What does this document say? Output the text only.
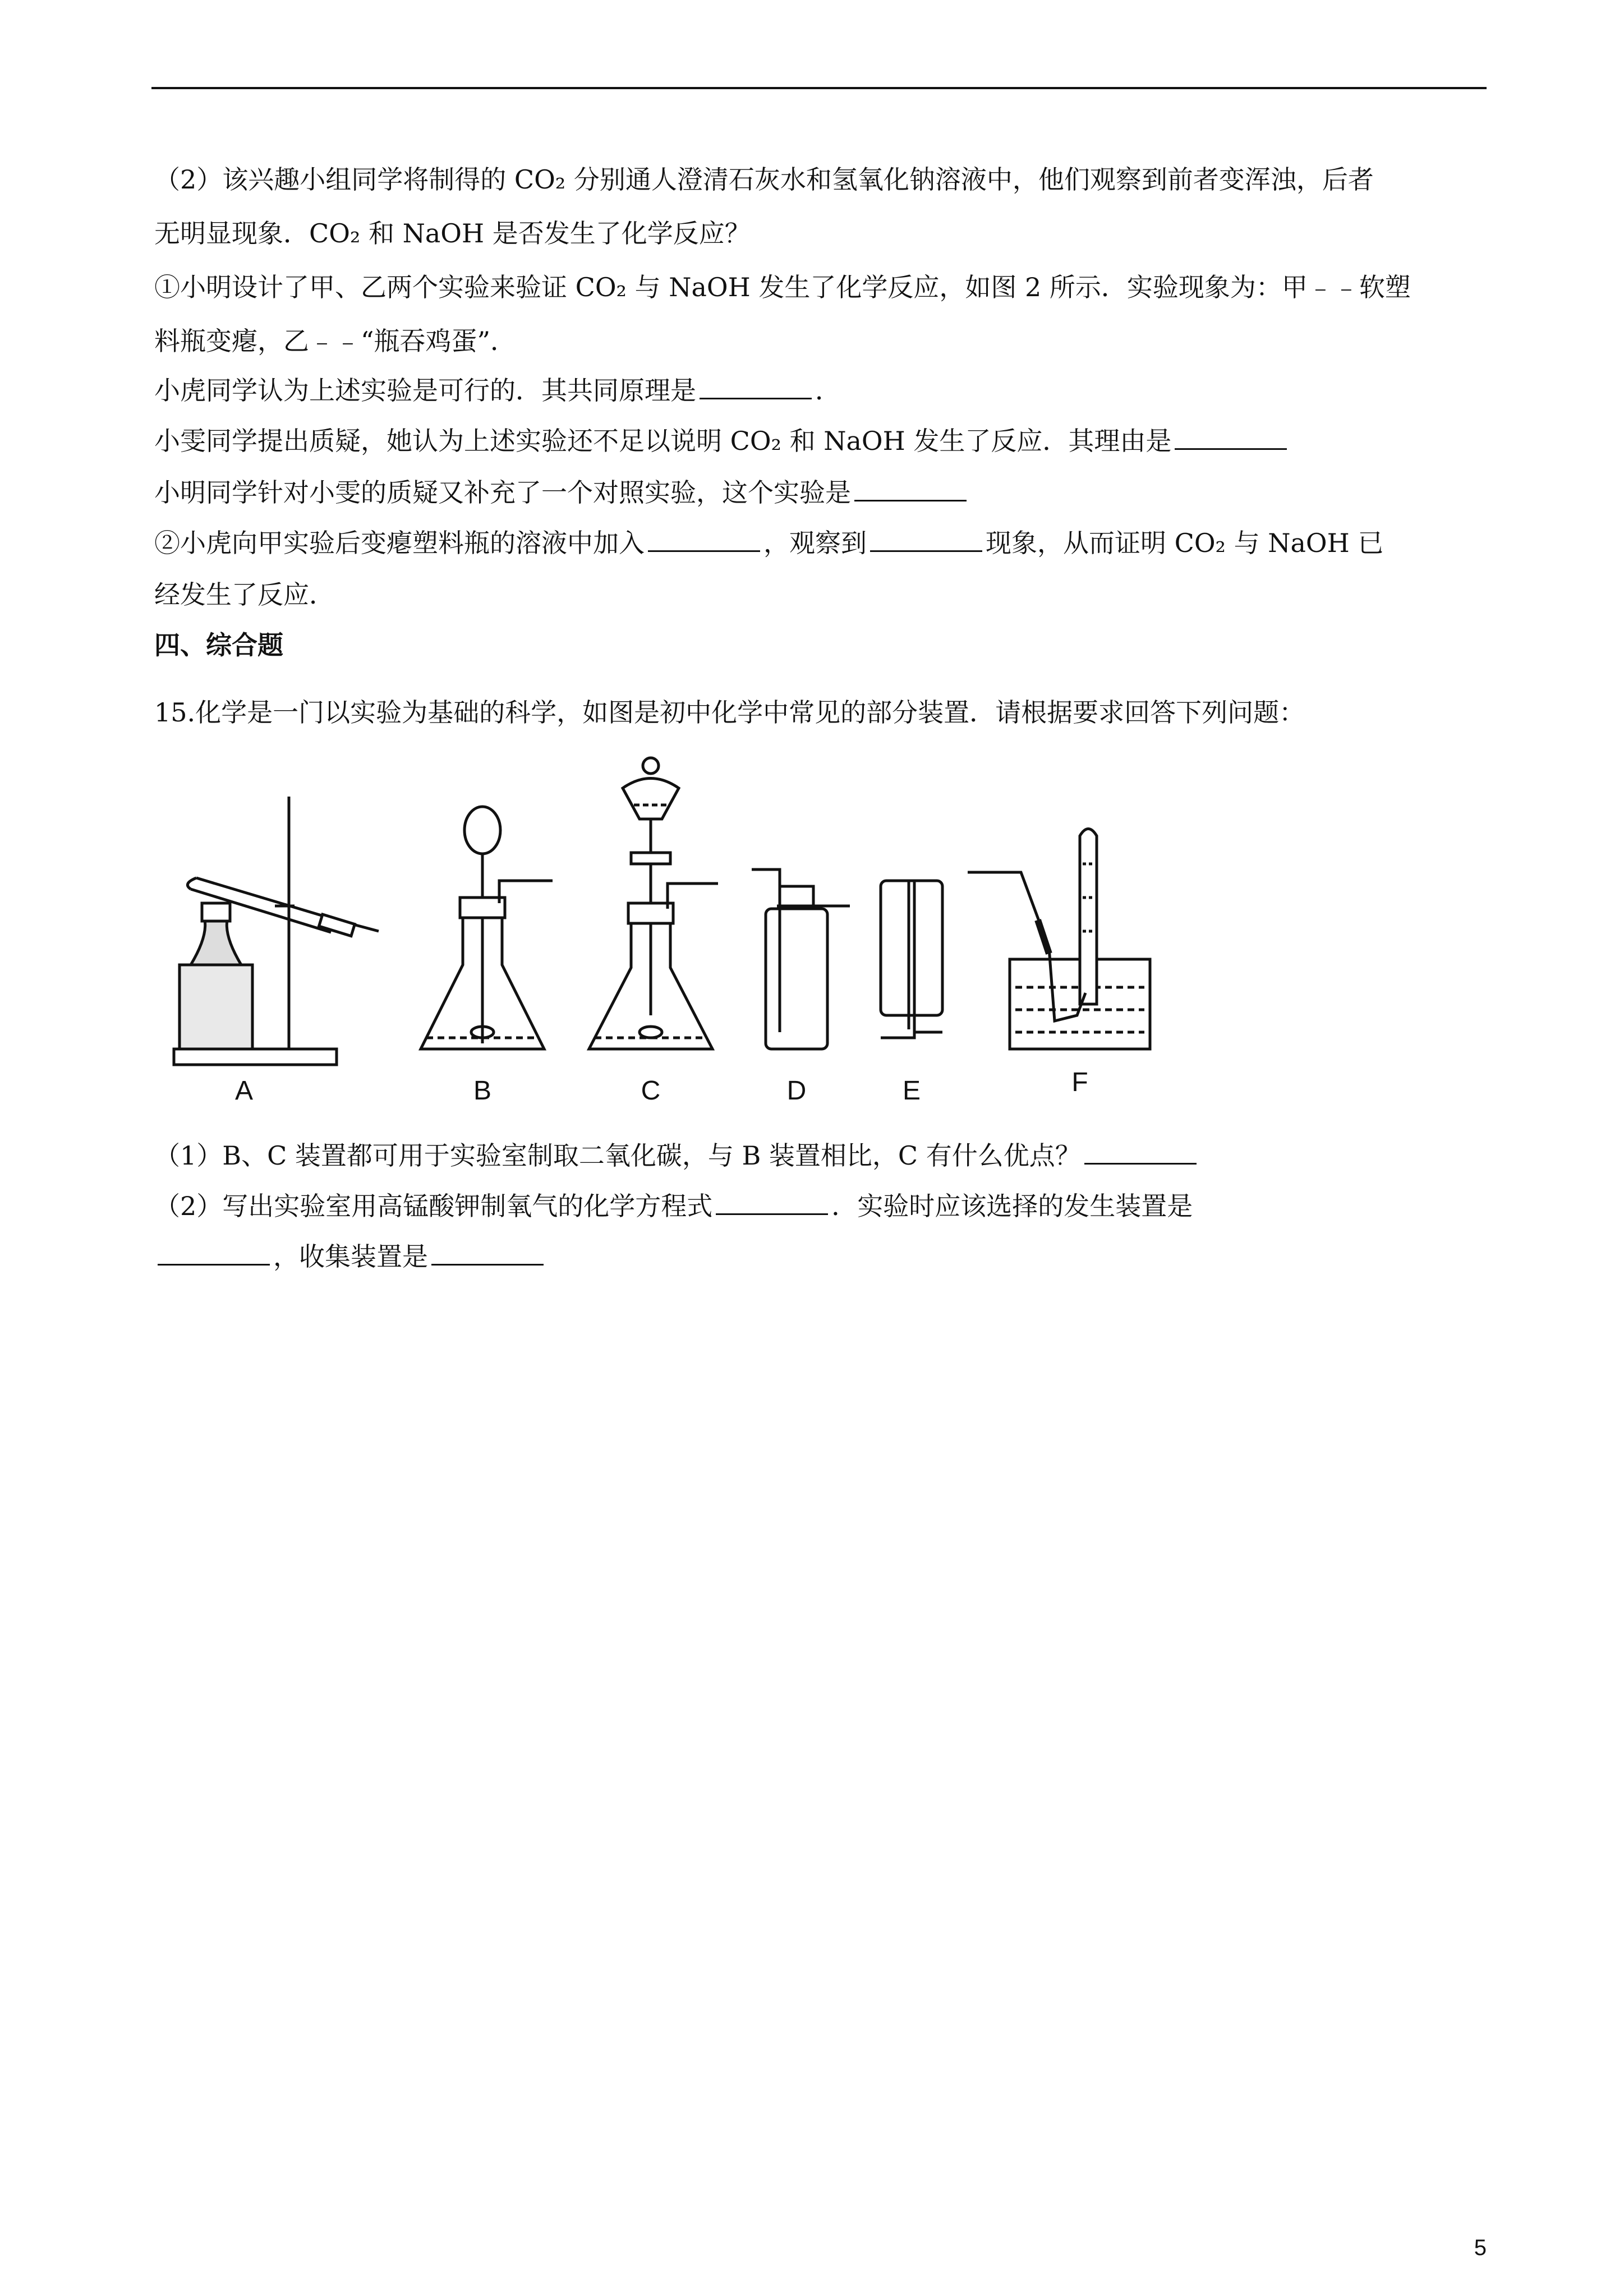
（2）该兴趣小组同学将制得的 CO₂ 分别通人澄清石灰水和氢氧化钠溶液中，他们观察到前者变浑浊，后者
无明显现象．CO₂ 和 NaOH 是否发生了化学反应？
①小明设计了甲、乙两个实验来验证 CO₂ 与 NaOH 发生了化学反应，如图 2 所示．实验现象为：甲﹣﹣软塑
料瓶变瘪，乙﹣﹣“瓶吞鸡蛋”．
小虎同学认为上述实验是可行的．其共同原理是	．
小雯同学提出质疑，她认为上述实验还不足以说明 CO₂ 和 NaOH 发生了反应．其理由是
小明同学针对小雯的质疑又补充了一个对照实验，这个实验是
②小虎向甲实验后变瘪塑料瓶的溶液中加入	，观察到	现象，从而证明 CO₂ 与 NaOH 已
经发生了反应．
四、综合题
15.化学是一门以实验为基础的科学，如图是初中化学中常见的部分装置．请根据要求回答下列问题：
A	B	C	D	E	F
（1）B、C 装置都可用于实验室制取二氧化碳，与 B 装置相比，C 有什么优点？
（2）写出实验室用高锰酸钾制氧气的化学方程式	．实验时应该选择的发生装置是
，收集装置是
5
